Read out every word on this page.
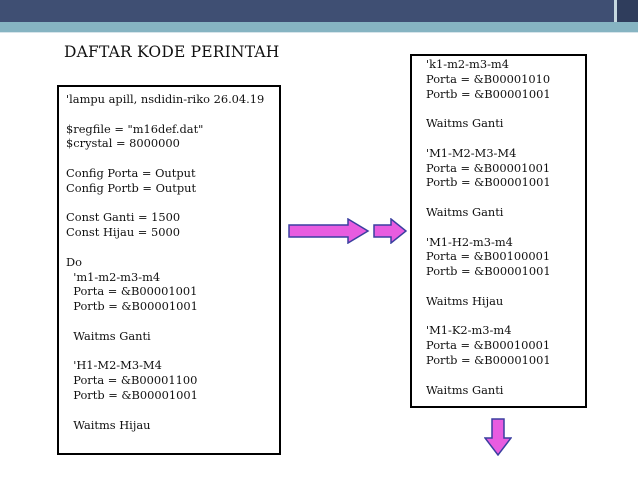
DAFTAR KODE PERINTAH
'lampu apill, nsdidin-riko 26.04.19

$regfile = "m16def.dat"
$crystal = 8000000

Config Porta = Output
Config Portb = Output

Const Ganti = 1500
Const Hijau = 5000

Do
'm1-m2-m3-m4
Porta = &B00001001
Portb = &B00001001

Waitms Ganti

'H1-M2-M3-M4
Porta = &B00001100
Portb = &B00001001

Waitms Hijau
'k1-m2-m3-m4
Porta = &B00001010
Portb = &B00001001

Waitms Ganti

'M1-M2-M3-M4
Porta = &B00001001
Portb = &B00001001

Waitms Ganti

'M1-H2-m3-m4
Porta = &B00100001
Portb = &B00001001

Waitms Hijau

'M1-K2-m3-m4
Porta = &B00010001
Portb = &B00001001

Waitms Ganti
